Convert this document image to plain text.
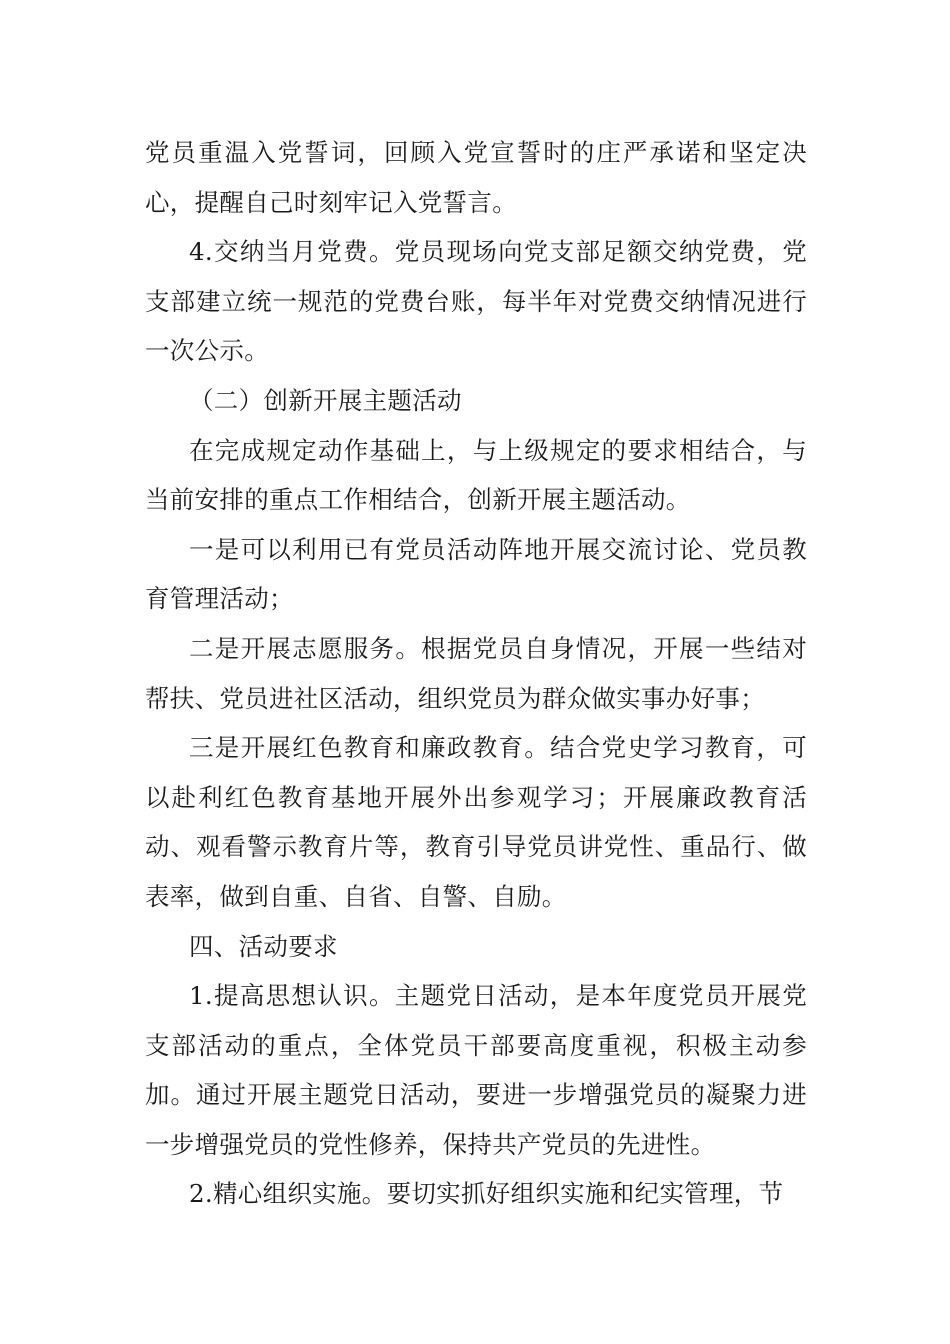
党员重温入党誓词，回顾入党宣誓时的庄严承诺和坚定决心，提醒自己时刻牢记入党誓言。

4.交纳当月党费。党员现场向党支部足额交纳党费，党支部建立统一规范的党费台账，每半年对党费交纳情况进行一次公示。

（二）创新开展主题活动

在完成规定动作基础上，与上级规定的要求相结合，与当前安排的重点工作相结合，创新开展主题活动。

一是可以利用已有党员活动阵地开展交流讨论、党员教育管理活动；

二是开展志愿服务。根据党员自身情况，开展一些结对帮扶、党员进社区活动，组织党员为群众做实事办好事；

三是开展红色教育和廉政教育。结合党史学习教育，可以赴利红色教育基地开展外出参观学习；开展廉政教育活动、观看警示教育片等，教育引导党员讲党性、重品行、做表率，做到自重、自省、自警、自励。

四、活动要求

1.提高思想认识。主题党日活动，是本年度党员开展党支部活动的重点，全体党员干部要高度重视，积极主动参加。通过开展主题党日活动，要进一步增强党员的凝聚力进一步增强党员的党性修养，保持共产党员的先进性。

2.精心组织实施。要切实抓好组织实施和纪实管理，节
